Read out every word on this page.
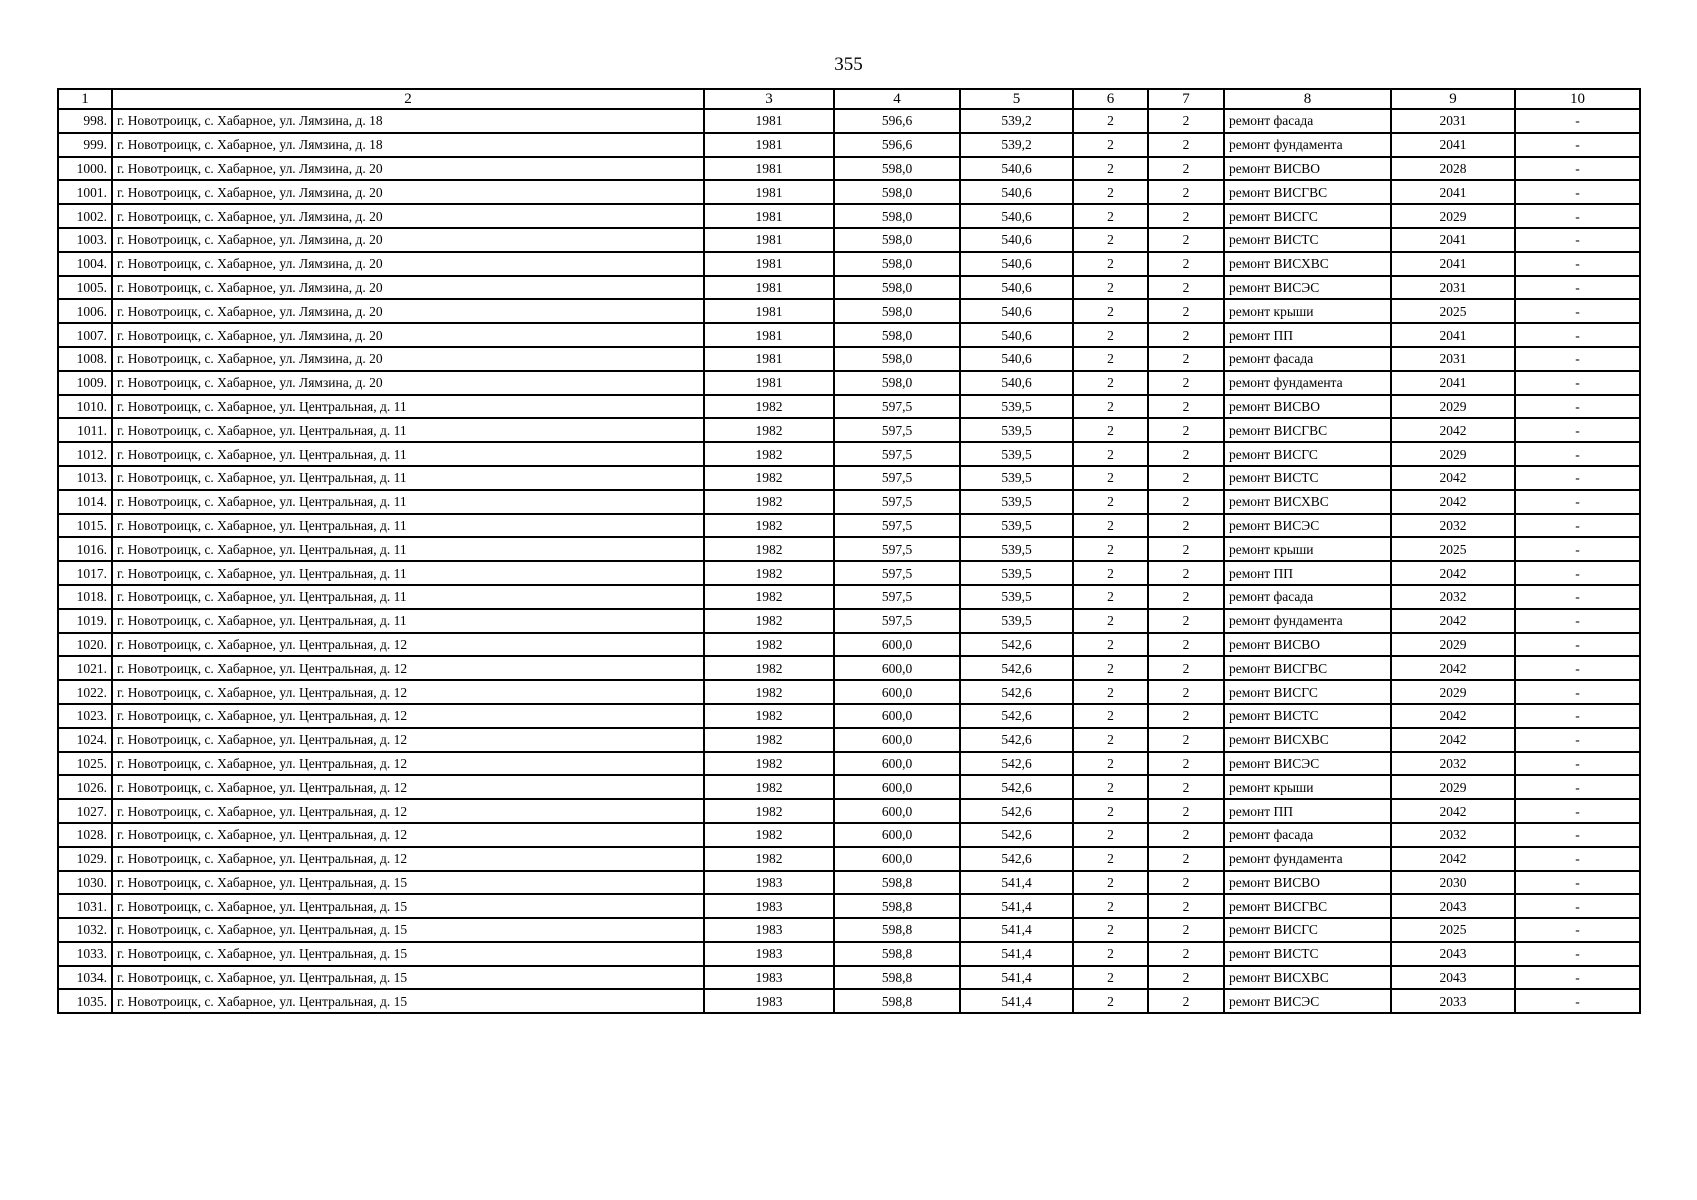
355
1	2	3	4	5	6	7	8	9	10
998.	г. Новотроицк, с. Хабарное, ул. Лямзина, д. 18	1981	596,6	539,2	2	2	ремонт фасада	2031	-
999.	г. Новотроицк, с. Хабарное, ул. Лямзина, д. 18	1981	596,6	539,2	2	2	ремонт фундамента	2041	-
1000.	г. Новотроицк, с. Хабарное, ул. Лямзина, д. 20	1981	598,0	540,6	2	2	ремонт ВИСВО	2028	-
1001.	г. Новотроицк, с. Хабарное, ул. Лямзина, д. 20	1981	598,0	540,6	2	2	ремонт ВИСГВС	2041	-
1002.	г. Новотроицк, с. Хабарное, ул. Лямзина, д. 20	1981	598,0	540,6	2	2	ремонт ВИСГС	2029	-
1003.	г. Новотроицк, с. Хабарное, ул. Лямзина, д. 20	1981	598,0	540,6	2	2	ремонт ВИСТС	2041	-
1004.	г. Новотроицк, с. Хабарное, ул. Лямзина, д. 20	1981	598,0	540,6	2	2	ремонт ВИСХВС	2041	-
1005.	г. Новотроицк, с. Хабарное, ул. Лямзина, д. 20	1981	598,0	540,6	2	2	ремонт ВИСЭС	2031	-
1006.	г. Новотроицк, с. Хабарное, ул. Лямзина, д. 20	1981	598,0	540,6	2	2	ремонт крыши	2025	-
1007.	г. Новотроицк, с. Хабарное, ул. Лямзина, д. 20	1981	598,0	540,6	2	2	ремонт ПП	2041	-
1008.	г. Новотроицк, с. Хабарное, ул. Лямзина, д. 20	1981	598,0	540,6	2	2	ремонт фасада	2031	-
1009.	г. Новотроицк, с. Хабарное, ул. Лямзина, д. 20	1981	598,0	540,6	2	2	ремонт фундамента	2041	-
1010.	г. Новотроицк, с. Хабарное, ул. Центральная, д. 11	1982	597,5	539,5	2	2	ремонт ВИСВО	2029	-
1011.	г. Новотроицк, с. Хабарное, ул. Центральная, д. 11	1982	597,5	539,5	2	2	ремонт ВИСГВС	2042	-
1012.	г. Новотроицк, с. Хабарное, ул. Центральная, д. 11	1982	597,5	539,5	2	2	ремонт ВИСГС	2029	-
1013.	г. Новотроицк, с. Хабарное, ул. Центральная, д. 11	1982	597,5	539,5	2	2	ремонт ВИСТС	2042	-
1014.	г. Новотроицк, с. Хабарное, ул. Центральная, д. 11	1982	597,5	539,5	2	2	ремонт ВИСХВС	2042	-
1015.	г. Новотроицк, с. Хабарное, ул. Центральная, д. 11	1982	597,5	539,5	2	2	ремонт ВИСЭС	2032	-
1016.	г. Новотроицк, с. Хабарное, ул. Центральная, д. 11	1982	597,5	539,5	2	2	ремонт крыши	2025	-
1017.	г. Новотроицк, с. Хабарное, ул. Центральная, д. 11	1982	597,5	539,5	2	2	ремонт ПП	2042	-
1018.	г. Новотроицк, с. Хабарное, ул. Центральная, д. 11	1982	597,5	539,5	2	2	ремонт фасада	2032	-
1019.	г. Новотроицк, с. Хабарное, ул. Центральная, д. 11	1982	597,5	539,5	2	2	ремонт фундамента	2042	-
1020.	г. Новотроицк, с. Хабарное, ул. Центральная, д. 12	1982	600,0	542,6	2	2	ремонт ВИСВО	2029	-
1021.	г. Новотроицк, с. Хабарное, ул. Центральная, д. 12	1982	600,0	542,6	2	2	ремонт ВИСГВС	2042	-
1022.	г. Новотроицк, с. Хабарное, ул. Центральная, д. 12	1982	600,0	542,6	2	2	ремонт ВИСГС	2029	-
1023.	г. Новотроицк, с. Хабарное, ул. Центральная, д. 12	1982	600,0	542,6	2	2	ремонт ВИСТС	2042	-
1024.	г. Новотроицк, с. Хабарное, ул. Центральная, д. 12	1982	600,0	542,6	2	2	ремонт ВИСХВС	2042	-
1025.	г. Новотроицк, с. Хабарное, ул. Центральная, д. 12	1982	600,0	542,6	2	2	ремонт ВИСЭС	2032	-
1026.	г. Новотроицк, с. Хабарное, ул. Центральная, д. 12	1982	600,0	542,6	2	2	ремонт крыши	2029	-
1027.	г. Новотроицк, с. Хабарное, ул. Центральная, д. 12	1982	600,0	542,6	2	2	ремонт ПП	2042	-
1028.	г. Новотроицк, с. Хабарное, ул. Центральная, д. 12	1982	600,0	542,6	2	2	ремонт фасада	2032	-
1029.	г. Новотроицк, с. Хабарное, ул. Центральная, д. 12	1982	600,0	542,6	2	2	ремонт фундамента	2042	-
1030.	г. Новотроицк, с. Хабарное, ул. Центральная, д. 15	1983	598,8	541,4	2	2	ремонт ВИСВО	2030	-
1031.	г. Новотроицк, с. Хабарное, ул. Центральная, д. 15	1983	598,8	541,4	2	2	ремонт ВИСГВС	2043	-
1032.	г. Новотроицк, с. Хабарное, ул. Центральная, д. 15	1983	598,8	541,4	2	2	ремонт ВИСГС	2025	-
1033.	г. Новотроицк, с. Хабарное, ул. Центральная, д. 15	1983	598,8	541,4	2	2	ремонт ВИСТС	2043	-
1034.	г. Новотроицк, с. Хабарное, ул. Центральная, д. 15	1983	598,8	541,4	2	2	ремонт ВИСХВС	2043	-
1035.	г. Новотроицк, с. Хабарное, ул. Центральная, д. 15	1983	598,8	541,4	2	2	ремонт ВИСЭС	2033	-
